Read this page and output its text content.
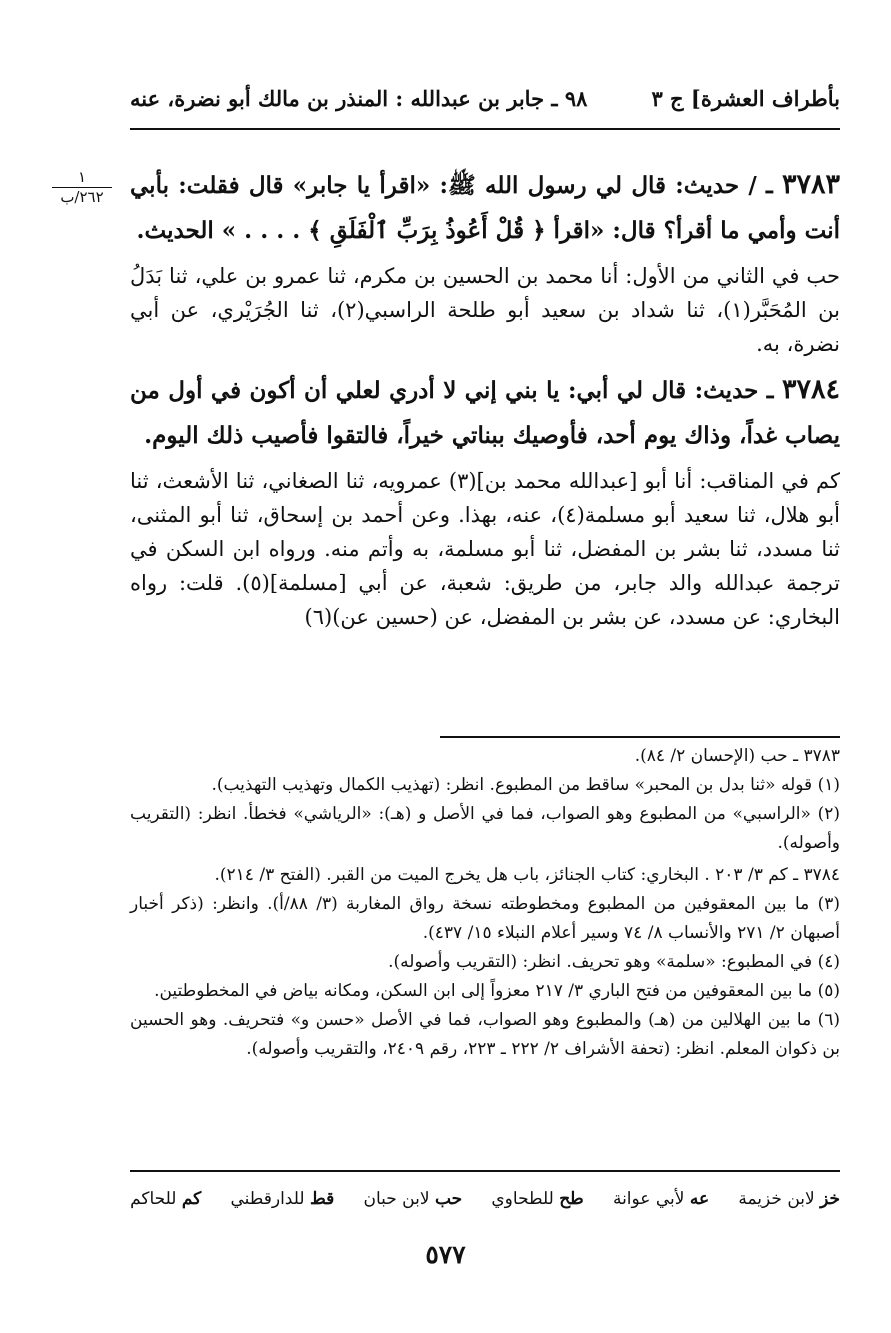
بأطراف العشرة] ج ٣
٩٨ ـ جابر بن عبدالله : المنذر بن مالك أبو نضرة، عنه
١
٢٦٢/ب	٣٧٨٣ ـ / حديث: قال لي رسول الله ﷺ: «اقرأ يا جابر» قال فقلت: بأبي أنت وأمي ما أقرأ؟ قال: «اقرأ ﴿ قُلْ أَعُوذُ بِرَبِّ ٱلْفَلَقِ ﴾ . . . . » الحديث.

حب في الثاني من الأول: أنا محمد بن الحسين بن مكرم، ثنا عمرو بن علي، ثنا بَدَلُ بن المُحَبَّر(١)، ثنا شداد بن سعيد أبو طلحة الراسبي(٢)، ثنا الجُرَيْري، عن أبي نضرة، به.

٣٧٨٤ ـ حديث: قال لي أبي: يا بني إني لا أدري لعلي أن أكون في أول من يصاب غداً، وذاك يوم أحد، فأوصيك ببناتي خيراً، فالتقوا فأصيب ذلك اليوم.

كم في المناقب: أنا أبو [عبدالله محمد بن](٣) عمرويه، ثنا الصغاني، ثنا الأشعث، ثنا أبو هلال، ثنا سعيد أبو مسلمة(٤)، عنه، بهذا. وعن أحمد بن إسحاق، ثنا أبو المثنى، ثنا مسدد، ثنا بشر بن المفضل، ثنا أبو مسلمة، به وأتم منه. ورواه ابن السكن في ترجمة عبدالله والد جابر، من طريق: شعبة، عن أبي [مسلمة](٥). قلت: رواه البخاري: عن مسدد، عن بشر بن المفضل، عن (حسين عن)(٦)

٣٧٨٣ ـ حب (الإحسان ٢/ ٨٤).

(١) قوله «ثنا بدل بن المحبر» ساقط من المطبوع. انظر: (تهذيب الكمال وتهذيب التهذيب).

(٢) «الراسبي» من المطبوع وهو الصواب، فما في الأصل و (هـ): «الرياشي» فخطأ. انظر: (التقريب وأصوله).

٣٧٨٤ ـ كم ٣/ ٢٠٣ . البخاري: كتاب الجنائز، باب هل يخرج الميت من القبر. (الفتح ٣/ ٢١٤).

(٣) ما بين المعقوفين من المطبوع ومخطوطته نسخة رواق المغاربة (٣/ ٨٨/أ). وانظر: (ذكر أخبار أصبهان ٢/ ٢٧١ والأنساب ٨/ ٧٤ وسير أعلام النبلاء ١٥/ ٤٣٧).

(٤) في المطبوع: «سلمة» وهو تحريف. انظر: (التقريب وأصوله).

(٥) ما بين المعقوفين من فتح الباري ٣/ ٢١٧ معزواً إلى ابن السكن، ومكانه بياض في المخطوطتين.

(٦) ما بين الهلالين من (هـ) والمطبوع وهو الصواب، فما في الأصل «حسن و» فتحريف. وهو الحسين بن ذكوان المعلم. انظر: (تحفة الأشراف ٢/ ٢٢٢ ـ ٢٢٣، رقم ٢٤٠٩، والتقريب وأصوله).

خز لابن خزيمة
عه لأبي عوانة
طح للطحاوي
حب لابن حبان
قط للدارقطني
كم للحاكم
٥٧٧
